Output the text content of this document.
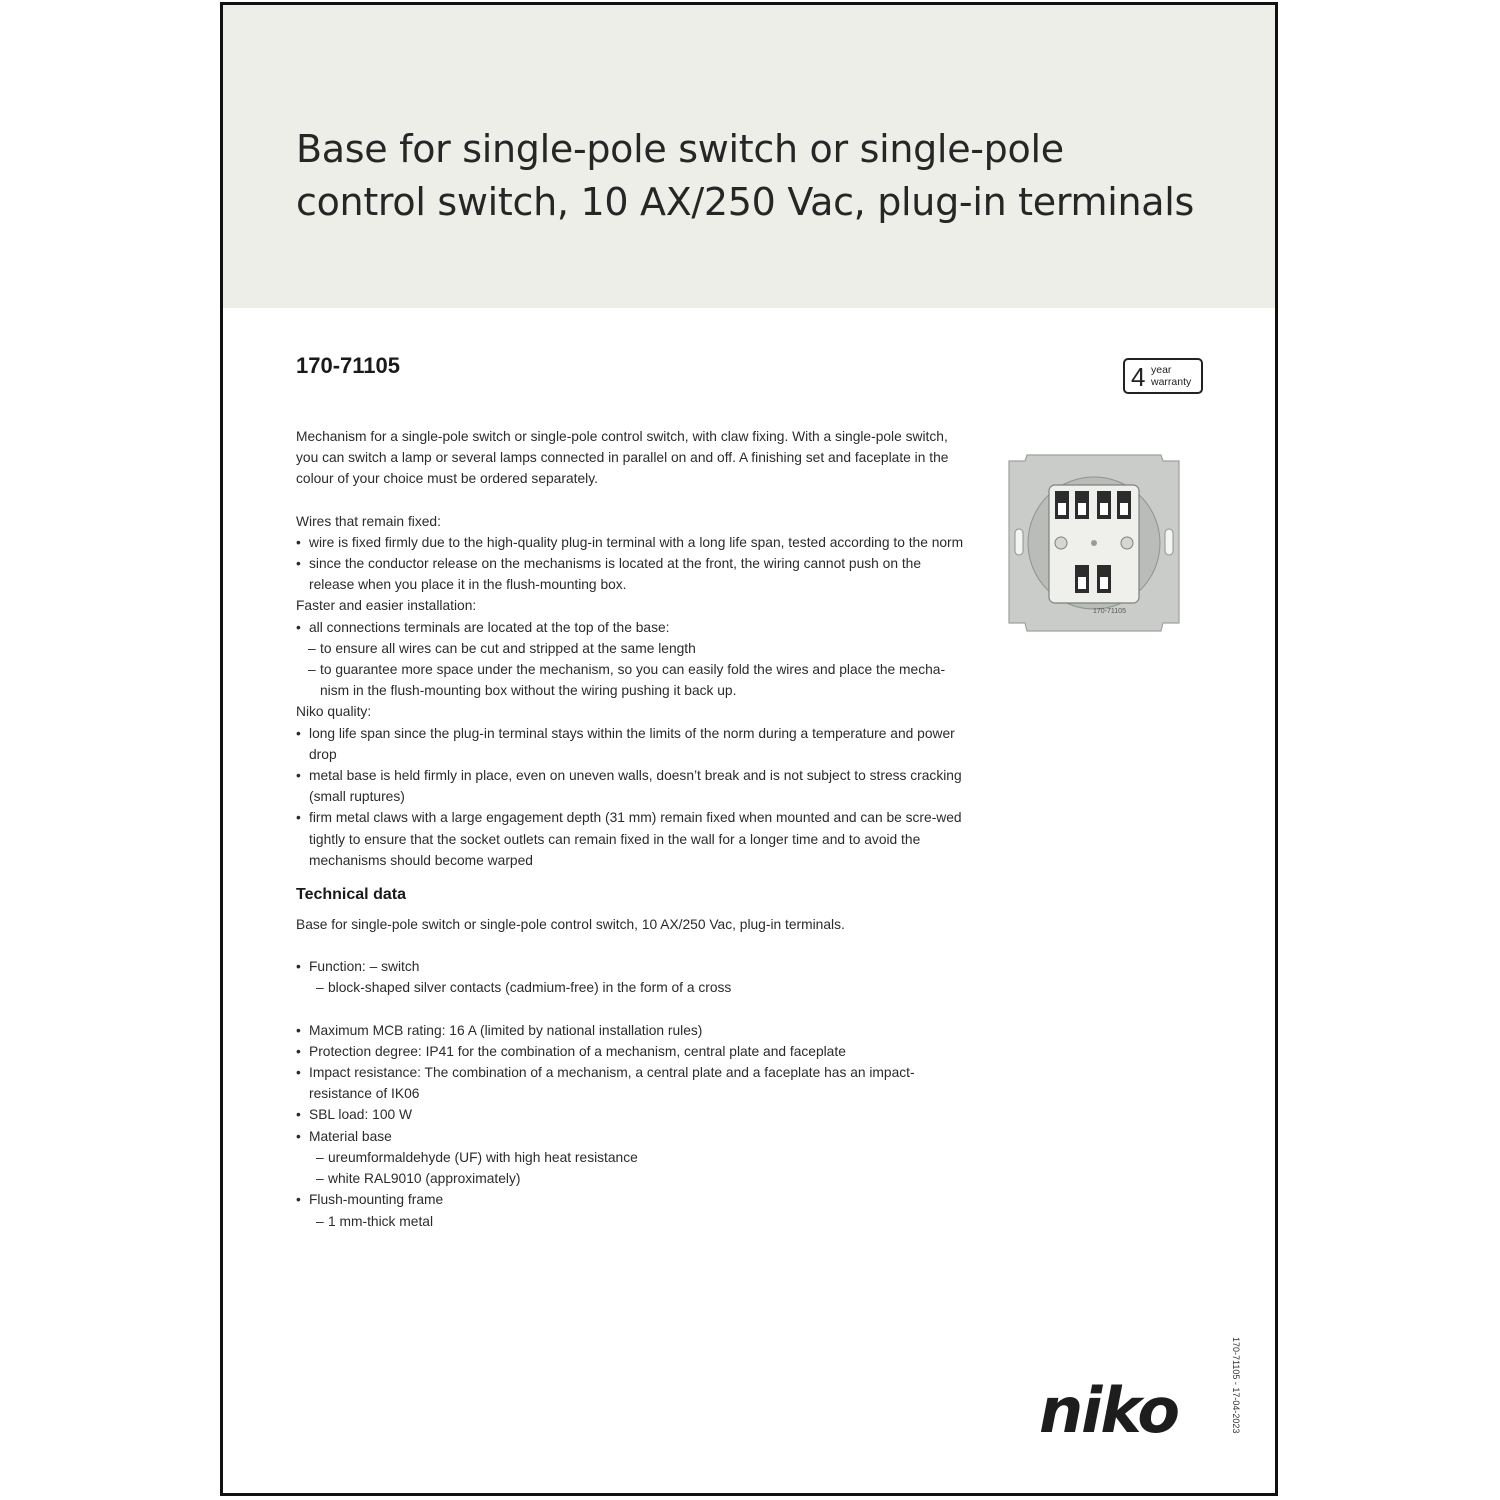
Base for single-pole switch or single-pole control switch, 10 AX/250 Vac, plug-in terminals
170-71105	4 year
warranty
170-71105

Mechanism for a single-pole switch or single-pole control switch, with claw fixing. With a single-pole switch, you can switch a lamp or several lamps connected in parallel on and off. A finishing set and faceplate in the colour of your choice must be ordered separately.

Wires that remain fixed:

• wire is fixed firmly due to the high-quality plug-in terminal with a long life span, tested according to the norm
• since the conductor release on the mechanisms is located at the front, the wiring cannot push on the release when you place it in the flush-mounting box.

Faster and easier installation:

• all connections terminals are located at the top of the base:
– to ensure all wires can be cut and stripped at the same length
– to guarantee more space under the mechanism, so you can easily fold the wires and place the mecha-nism in the flush-mounting box without the wiring pushing it back up.

Niko quality:

• long life span since the plug-in terminal stays within the limits of the norm during a temperature and power drop
• metal base is held firmly in place, even on uneven walls, doesn’t break and is not subject to stress cracking (small ruptures)
• firm metal claws with a large engagement depth (31 mm) remain fixed when mounted and can be scre-wed tightly to ensure that the socket outlets can remain fixed in the wall for a longer time and to avoid the mechanisms should become warped
Technical data

Base for single-pole switch or single-pole control switch, 10 AX/250 Vac, plug-in terminals.

• Function: – switch
– block-shaped silver contacts (cadmium-free) in the form of a cross
• Maximum MCB rating: 16 A (limited by national installation rules)
• Protection degree: IP41 for the combination of a mechanism, central plate and faceplate
• Impact resistance: The combination of a mechanism, a central plate and a faceplate has an impact-resistance of IK06
• SBL load: 100 W
• Material base
– ureumformaldehyde (UF) with high heat resistance
– white RAL9010 (approximately)
• Flush-mounting frame
– 1 mm-thick metal
niko	170-71105 - 17-04-2023
